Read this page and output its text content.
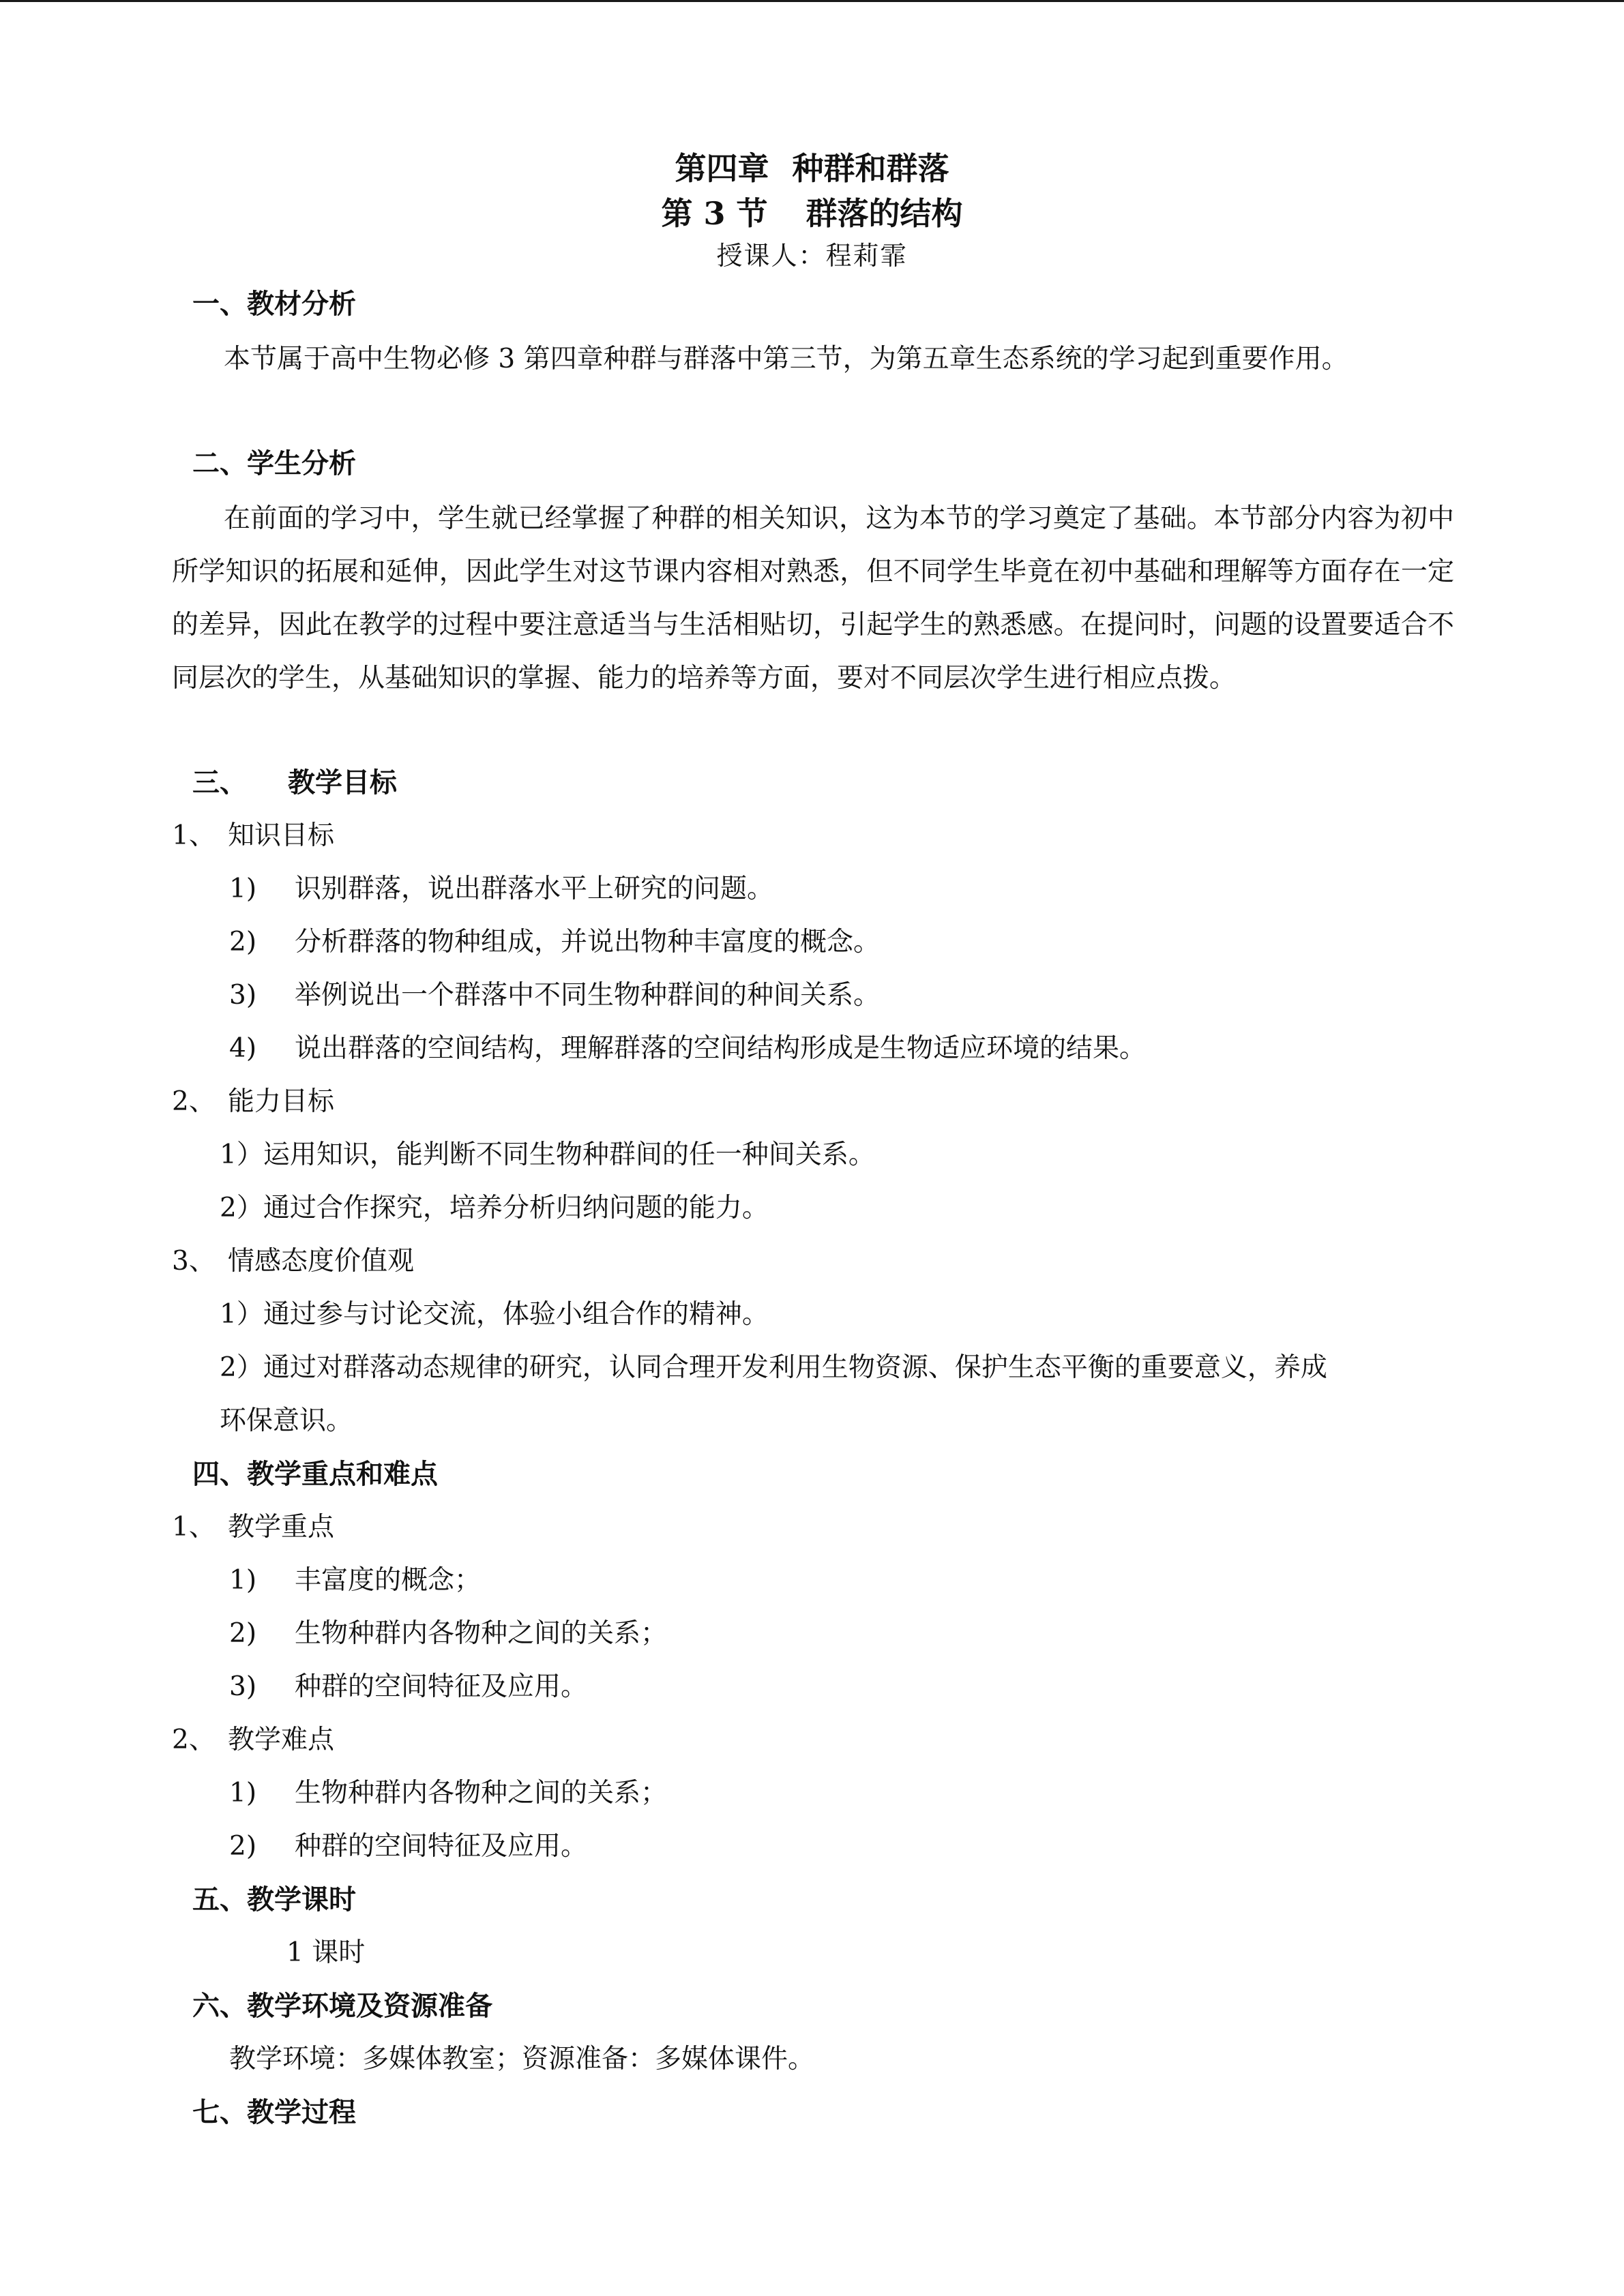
第四章 种群和群落
第 3 节 群落的结构
授课人：程莉霏
一、教材分析
本节属于高中生物必修 3 第四章种群与群落中第三节，为第五章生态系统的学习起到重要作用。
二、学生分析
在前面的学习中，学生就已经掌握了种群的相关知识，这为本节的学习奠定了基础。本节部分内容为初中所学知识的拓展和延伸，因此学生对这节课内容相对熟悉，但不同学生毕竟在初中基础和理解等方面存在一定的差异，因此在教学的过程中要注意适当与生活相贴切，引起学生的熟悉感。在提问时，问题的设置要适合不同层次的学生，从基础知识的掌握、能力的培养等方面，要对不同层次学生进行相应点拨。
三、 教学目标
1、 知识目标
1) 识别群落，说出群落水平上研究的问题。
2) 分析群落的物种组成，并说出物种丰富度的概念。
3) 举例说出一个群落中不同生物种群间的种间关系。
4) 说出群落的空间结构，理解群落的空间结构形成是生物适应环境的结果。
2、 能力目标
1）运用知识，能判断不同生物种群间的任一种间关系。
2）通过合作探究，培养分析归纳问题的能力。
3、 情感态度价值观
1）通过参与讨论交流，体验小组合作的精神。
2）通过对群落动态规律的研究，认同合理开发利用生物资源、保护生态平衡的重要意义，养成
环保意识。
四、教学重点和难点
1、 教学重点
1) 丰富度的概念；
2) 生物种群内各物种之间的关系；
3) 种群的空间特征及应用。
2、 教学难点
1) 生物种群内各物种之间的关系；
2) 种群的空间特征及应用。
五、教学课时
1 课时
六、教学环境及资源准备
教学环境：多媒体教室；资源准备：多媒体课件。
七、教学过程
